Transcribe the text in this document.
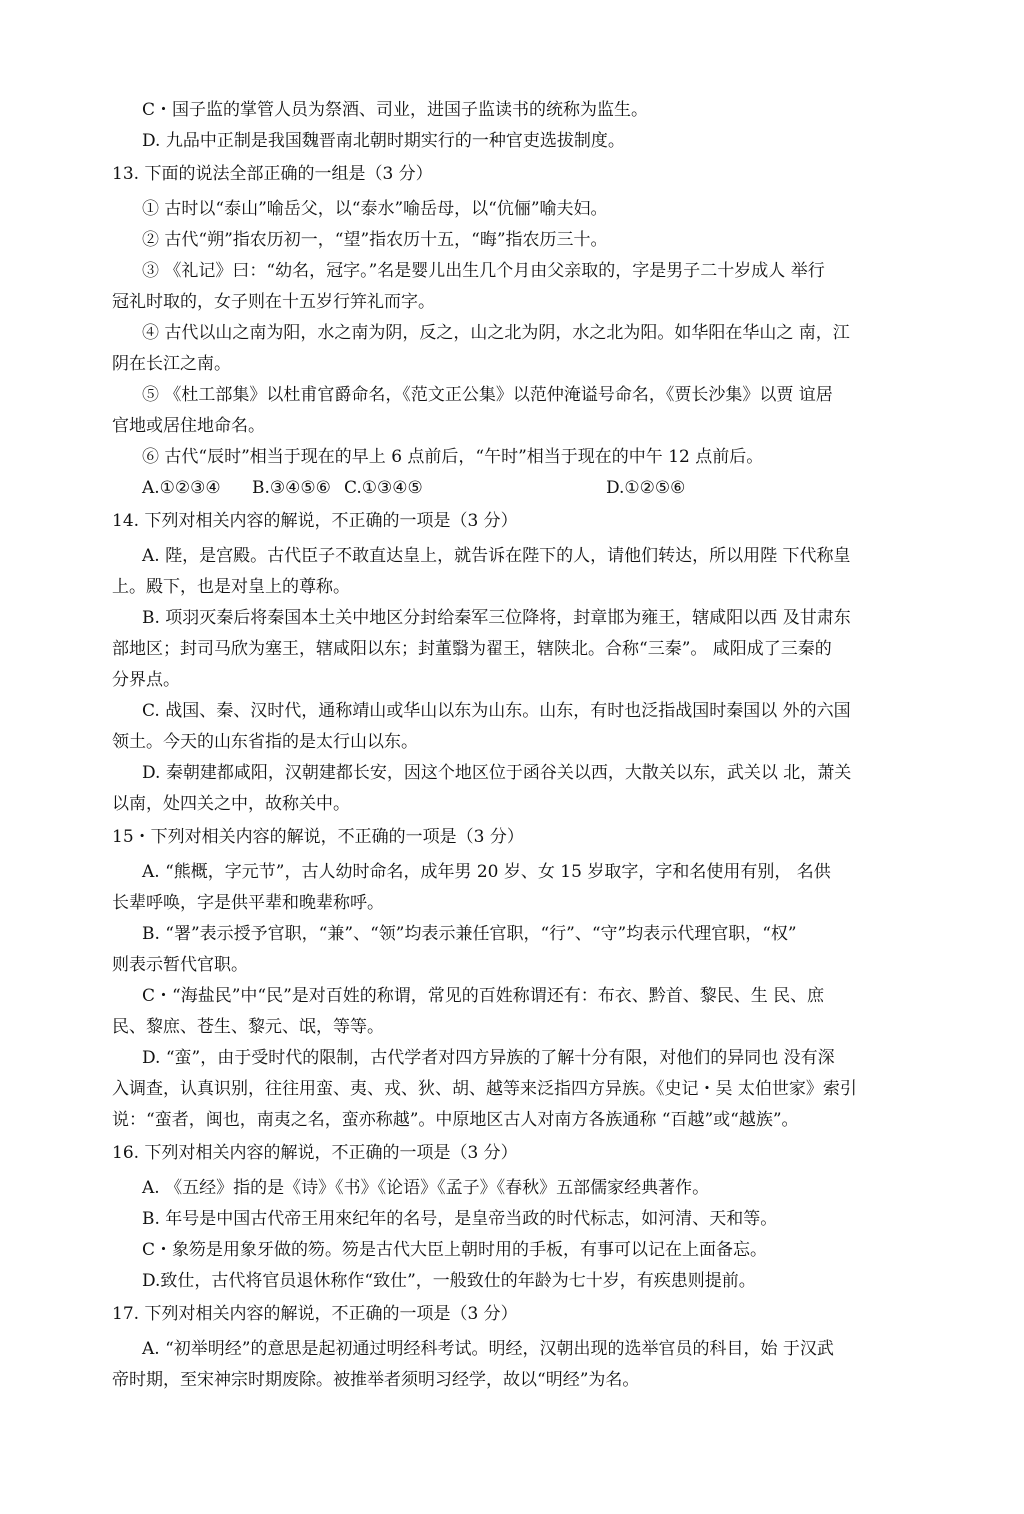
C・国子监的掌管人员为祭酒、司业，进国子监读书的统称为监生。
D. 九品中正制是我国魏晋南北朝时期实行的一种官吏选拔制度。
13. 下面的说法全部正确的一组是（3 分）
① 古时以“泰山”喻岳父，以“泰水”喻岳母，以“伉俪”喻夫妇。
② 古代“朔”指农历初一，“望”指农历十五，“晦”指农历三十。
③ 《礼记》曰：“幼名，冠字。”名是婴儿出生几个月由父亲取的，字是男子二十岁成人 举行
冠礼时取的，女子则在十五岁行笄礼而字。
④ 古代以山之南为阳，水之南为阴，反之，山之北为阴，水之北为阳。如华阳在华山之 南，江
阴在长江之南。
⑤ 《杜工部集》以杜甫官爵命名，《范文正公集》以范仲淹谥号命名，《贾长沙集》以贾 谊居
官地或居住地命名。
⑥ 古代“辰时”相当于现在的早上 6 点前后，“午时”相当于现在的中午 12 点前后。
A.①②③④	B.③④⑤⑥ C.①③④⑤	D.①②⑤⑥
14. 下列对相关内容的解说，不正确的一项是（3 分）
A. 陛，是宫殿。古代臣子不敢直达皇上，就告诉在陛下的人，请他们转达，所以用陛 下代称皇
上。殿下，也是对皇上的尊称。
B. 项羽灭秦后将秦国本土关中地区分封给秦军三位降将，封章邯为雍王，辖咸阳以西 及甘肃东
部地区；封司马欣为塞王，辖咸阳以东；封董翳为翟王，辖陕北。合称“三秦”。 咸阳成了三秦的
分界点。
C. 战国、秦、汉时代，通称靖山或华山以东为山东。山东，有时也泛指战国时秦国以 外的六国
领土。今天的山东省指的是太行山以东。
D. 秦朝建都咸阳，汉朝建都长安，因这个地区位于函谷关以西，大散关以东，武关以 北，萧关
以南，处四关之中，故称关中。
15・下列对相关内容的解说，不正确的一项是（3 分）
A. “熊概，字元节”，古人幼时命名，成年男 20 岁、女 15 岁取字，字和名使用有别， 名供
长辈呼唤，字是供平辈和晚辈称呼。
B. “署”表示授予官职，“兼”、“领”均表示兼任官职，“行”、“守”均表示代理官职，“权”
则表示暂代官职。
C・“海盐民”中“民”是对百姓的称谓，常见的百姓称谓还有：布衣、黔首、黎民、生 民、庶
民、黎庶、苍生、黎元、氓，等等。
D. “蛮”，由于受时代的限制，古代学者对四方异族的了解十分有限，对他们的异同也 没有深
入调查，认真识别，往往用蛮、夷、戎、狄、胡、越等来泛指四方异族。《史记・吴 太伯世家》索引
说：“蛮者，闽也，南夷之名，蛮亦称越”。中原地区古人对南方各族通称 “百越”或“越族”。
16. 下列对相关内容的解说，不正确的一项是（3 分）
A. 《五经》指的是《诗》《书》《论语》《孟子》《春秋》五部儒家经典著作。
B. 年号是中国古代帝王用來纪年的名号，是皇帝当政的时代标志，如河清、天和等。
C・象笏是用象牙做的笏。笏是古代大臣上朝时用的手板，有事可以记在上面备忘。
D.致仕，古代将官员退休称作“致仕”，一般致仕的年龄为七十岁，有疾患则提前。
17. 下列对相关内容的解说，不正确的一项是（3 分）
A. “初举明经”的意思是起初通过明经科考试。明经，汉朝出现的选举官员的科目，始 于汉武
帝时期，至宋神宗时期废除。被推举者须明习经学，故以“明经”为名。
